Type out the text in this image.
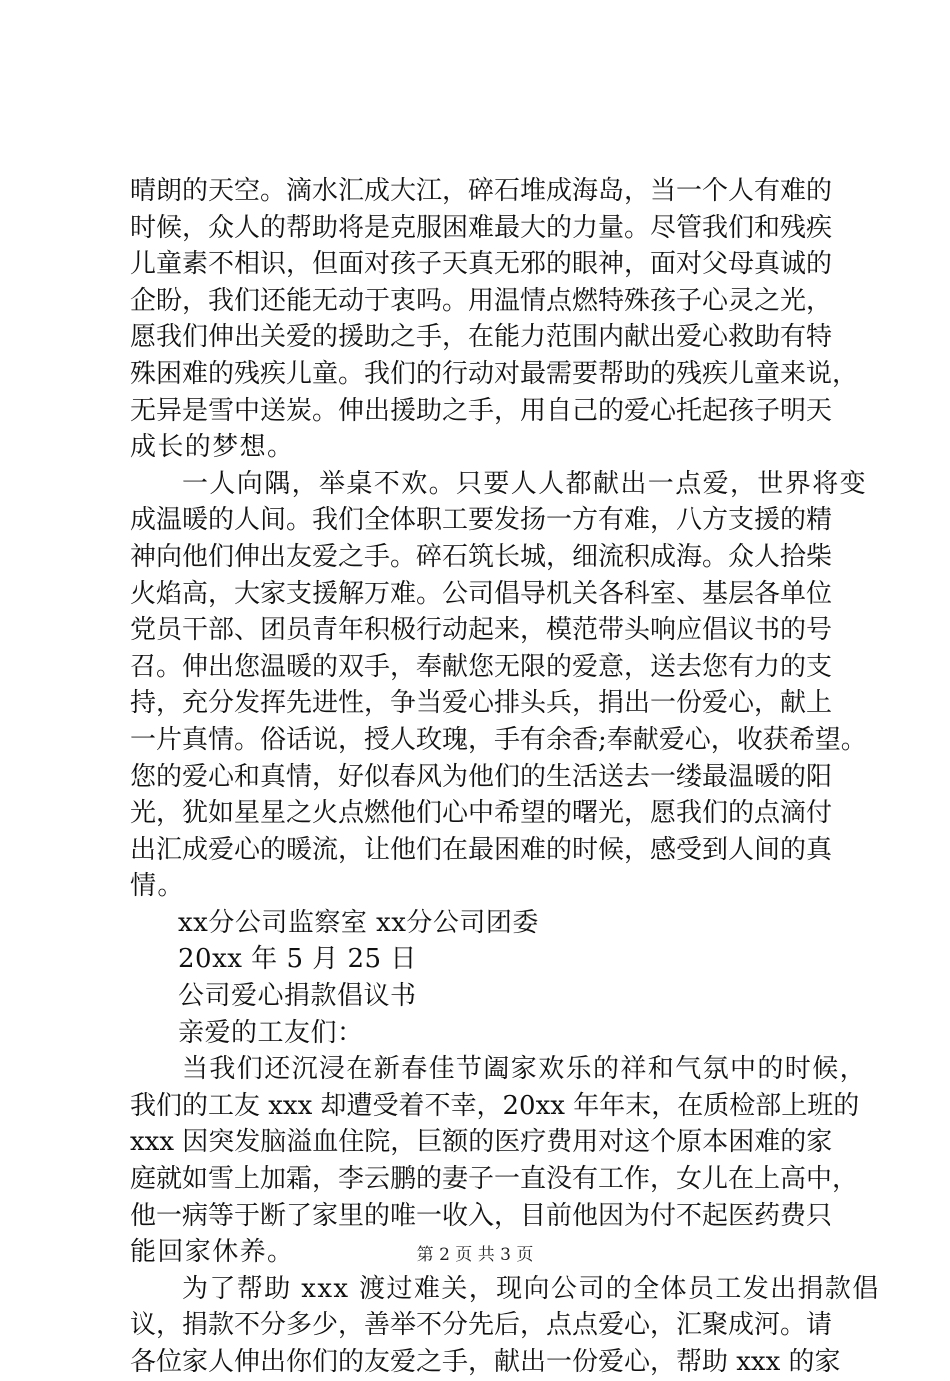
晴朗的天空。滴水汇成大江，碎石堆成海岛，当一个人有难的
时候，众人的帮助将是克服困难最大的力量。尽管我们和残疾
儿童素不相识，但面对孩子天真无邪的眼神，面对父母真诚的
企盼，我们还能无动于衷吗。用温情点燃特殊孩子心灵之光，
愿我们伸出关爱的援助之手，在能力范围内献出爱心救助有特
殊困难的残疾儿童。我们的行动对最需要帮助的残疾儿童来说，
无异是雪中送炭。伸出援助之手，用自己的爱心托起孩子明天
成长的梦想。
一人向隅，举桌不欢。只要人人都献出一点爱，世界将变
成温暖的人间。我们全体职工要发扬一方有难，八方支援的精
神向他们伸出友爱之手。碎石筑长城，细流积成海。众人拾柴
火焰高，大家支援解万难。公司倡导机关各科室、基层各单位
党员干部、团员青年积极行动起来，模范带头响应倡议书的号
召。伸出您温暖的双手，奉献您无限的爱意，送去您有力的支
持，充分发挥先进性，争当爱心排头兵，捐出一份爱心，献上
一片真情。俗话说，授人玫瑰，手有余香;奉献爱心，收获希望。
您的爱心和真情，好似春风为他们的生活送去一缕最温暖的阳
光，犹如星星之火点燃他们心中希望的曙光，愿我们的点滴付
出汇成爱心的暖流，让他们在最困难的时候，感受到人间的真
情。
xx分公司监察室 xx分公司团委
20xx 年 5 月 25 日
公司爱心捐款倡议书
亲爱的工友们：
当我们还沉浸在新春佳节阖家欢乐的祥和气氛中的时候，
我们的工友 xxx 却遭受着不幸，20xx 年年末，在质检部上班的
xxx 因突发脑溢血住院，巨额的医疗费用对这个原本困难的家
庭就如雪上加霜，李云鹏的妻子一直没有工作，女儿在上高中，
他一病等于断了家里的唯一收入，目前他因为付不起医药费只
能回家休养。
为了帮助 xxx 渡过难关，现向公司的全体员工发出捐款倡
议，捐款不分多少，善举不分先后，点点爱心，汇聚成河。请
各位家人伸出你们的友爱之手，献出一份爱心，帮助 xxx 的家
第 2 页 共 3 页
